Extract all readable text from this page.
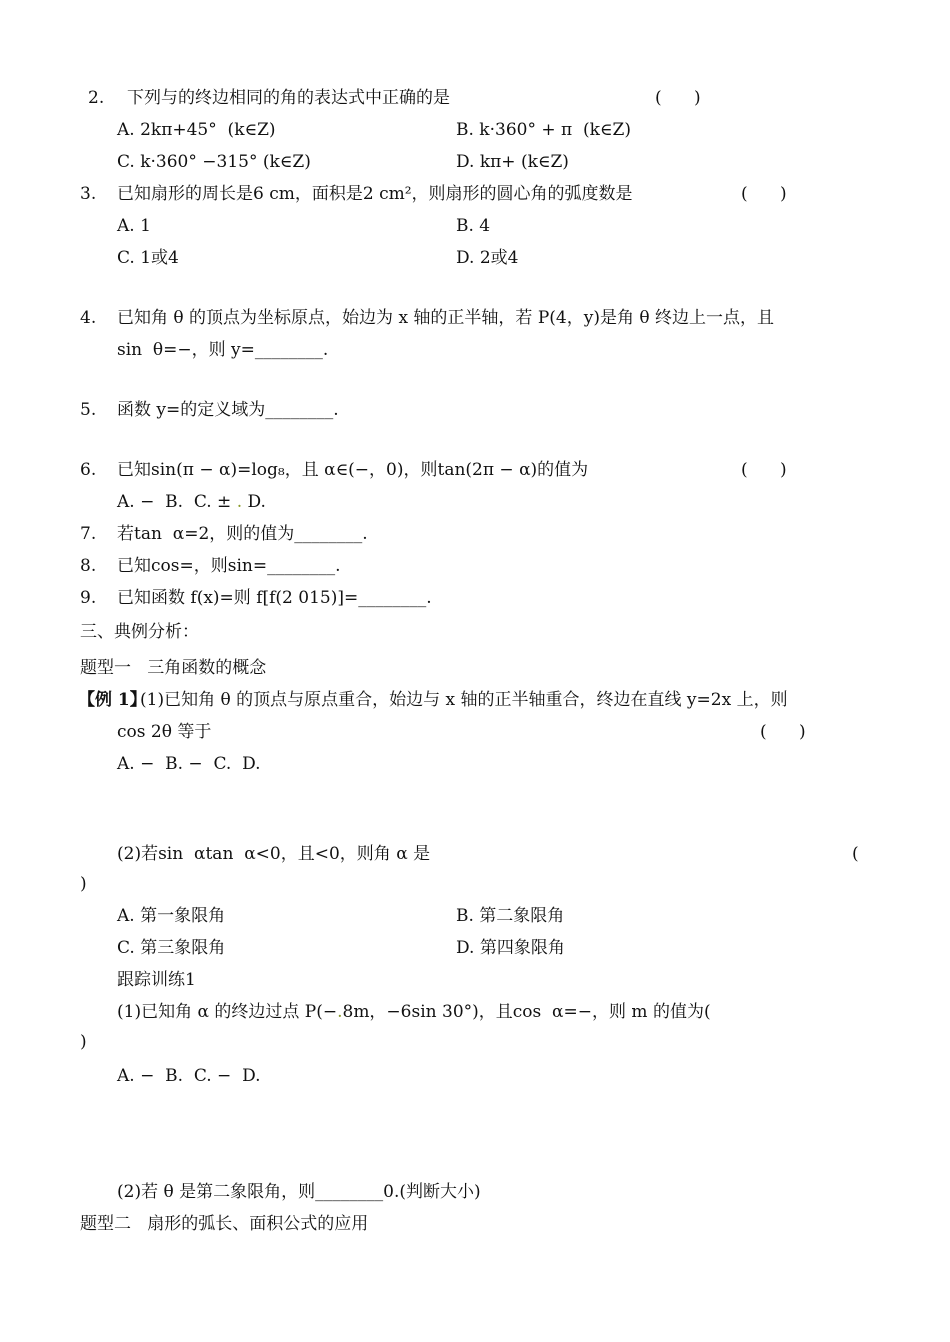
2. 下列与的终边相同的角的表达式中正确的是	(      )
A. 2kπ+45°  (k∈Z)	B. k·360° + π  (k∈Z)
C. k·360° −315° (k∈Z)	D. kπ+ (k∈Z)
3. 已知扇形的周长是6 cm，面积是2 cm²，则扇形的圆心角的弧度数是	(      )
A. 1	B. 4
C. 1或4	D. 2或4
4. 已知角 θ 的顶点为坐标原点，始边为 x 轴的正半轴，若 P(4，y)是角 θ 终边上一点，且
sin  θ=−，则 y=________.
5. 函数 y=的定义域为________.
6. 已知sin(π − α)=log₈，且 α∈(−，0)，则tan(2π − α)的值为	(      )
A. −  B.  C. ± . D.
7. 若tan  α=2，则的值为________.
8. 已知cos=，则sin=________.
9. 已知函数 f(x)=则 f[f(2 015)]=________.
三、典例分析：
题型一   三角函数的概念
【例 1】
(1)已知角 θ 的顶点与原点重合，始边与 x 轴的正半轴重合，终边在直线 y=2x 上，则
cos 2θ 等于	(      )
A. −  B. −  C.  D.
(2)若sin  αtan  α<0，且<0，则角 α 是	(
)
A. 第一象限角	B. 第二象限角
C. 第三象限角	D. 第四象限角
跟踪训练1
(1)已知角 α 的终边过点 P(−.8m，−6sin 30°)，且cos  α=−，则 m 的值为(
)
A. −  B.  C. −  D.
(2)若 θ 是第二象限角，则________0.(判断大小)
题型二   扇形的弧长、面积公式的应用
